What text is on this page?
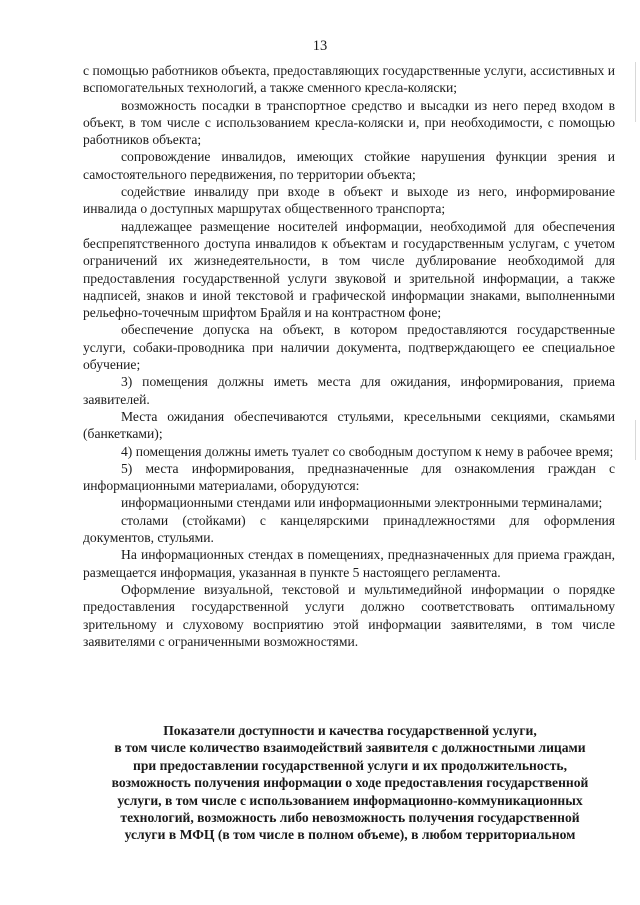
13

с помощью работников объекта, предоставляющих государственные услуги, ассистивных и вспомогательных технологий, а также сменного кресла-коляски;

возможность посадки в транспортное средство и высадки из него перед входом в объект, в том числе с использованием кресла-коляски и, при необходимости, с помощью работников объекта;

сопровождение инвалидов, имеющих стойкие нарушения функции зрения и самостоятельного передвижения, по территории объекта;

содействие инвалиду при входе в объект и выходе из него, информирование инвалида о доступных маршрутах общественного транспорта;

надлежащее размещение носителей информации, необходимой для обеспечения беспрепятственного доступа инвалидов к объектам и государственным услугам, с учетом ограничений их жизнедеятельности, в том числе дублирование необходимой для предоставления государственной услуги звуковой и зрительной информации, а также надписей, знаков и иной текстовой и графической информации знаками, выполненными рельефно-точечным шрифтом Брайля и на контрастном фоне;

обеспечение допуска на объект, в котором предоставляются государственные услуги, собаки-проводника при наличии документа, подтверждающего ее специальное обучение;

3) помещения должны иметь места для ожидания, информирования, приема заявителей.

Места ожидания обеспечиваются стульями, кресельными секциями, скамьями (банкетками);

4) помещения должны иметь туалет со свободным доступом к нему в рабочее время;

5) места информирования, предназначенные для ознакомления граждан с информационными материалами, оборудуются:

информационными стендами или информационными электронными терминалами;

столами (стойками) с канцелярскими принадлежностями для оформления документов, стульями.

На информационных стендах в помещениях, предназначенных для приема граждан, размещается информация, указанная в пункте 5 настоящего регламента.

Оформление визуальной, текстовой и мультимедийной информации о порядке предоставления государственной услуги должно соответствовать оптимальному зрительному и слуховому восприятию этой информации заявителями, в том числе заявителями с ограниченными возможностями.

Показатели доступности и качества государственной услуги,
в том числе количество взаимодействий заявителя с должностными лицами
при предоставлении государственной услуги и их продолжительность,
возможность получения информации о ходе предоставления государственной
услуги, в том числе с использованием информационно-коммуникационных
технологий, возможность либо невозможность получения государственной
услуги в МФЦ (в том числе в полном объеме), в любом территориальном
